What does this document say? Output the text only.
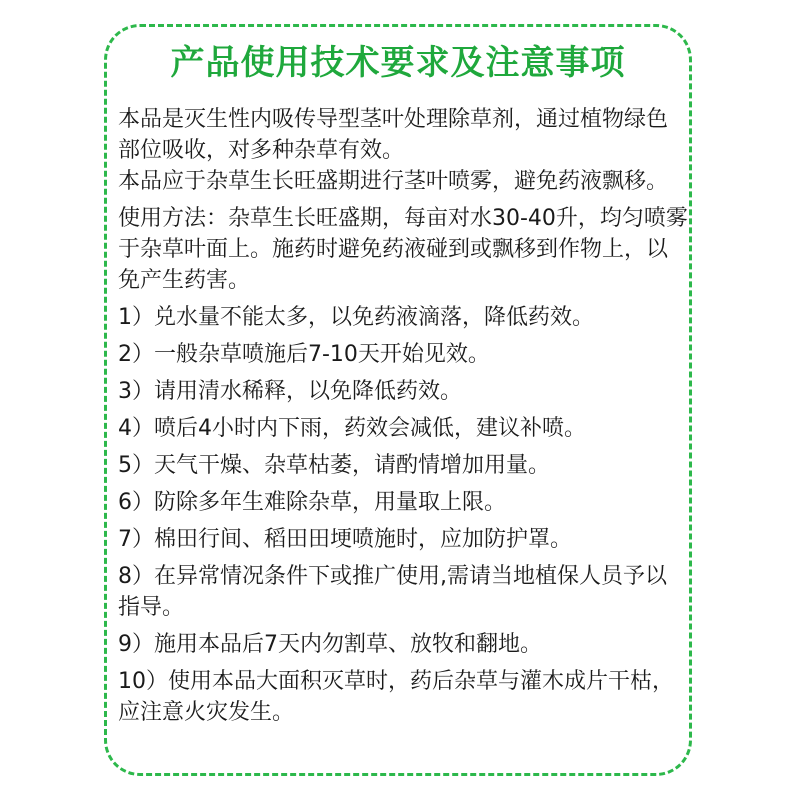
产品使用技术要求及注意事项

本品是灭生性内吸传导型茎叶处理除草剂，通过植物绿色部位吸收，对多种杂草有效。

本品应于杂草生长旺盛期进行茎叶喷雾，避免药液飘移。

使用方法：杂草生长旺盛期，每亩对水30-40升，均匀喷雾于杂草叶面上。施药时避免药液碰到或飘移到作物上，以免产生药害。

1）兑水量不能太多，以免药液滴落，降低药效。

2）一般杂草喷施后7-10天开始见效。

3）请用清水稀释，以免降低药效。

4）喷后4小时内下雨，药效会减低，建议补喷。

5）天气干燥、杂草枯萎，请酌情增加用量。

6）防除多年生难除杂草，用量取上限。

7）棉田行间、稻田田埂喷施时，应加防护罩。

8）在异常情况条件下或推广使用,需请当地植保人员予以指导。

9）施用本品后7天内勿割草、放牧和翻地。

10）使用本品大面积灭草时，药后杂草与灌木成片干枯，应注意火灾发生。
